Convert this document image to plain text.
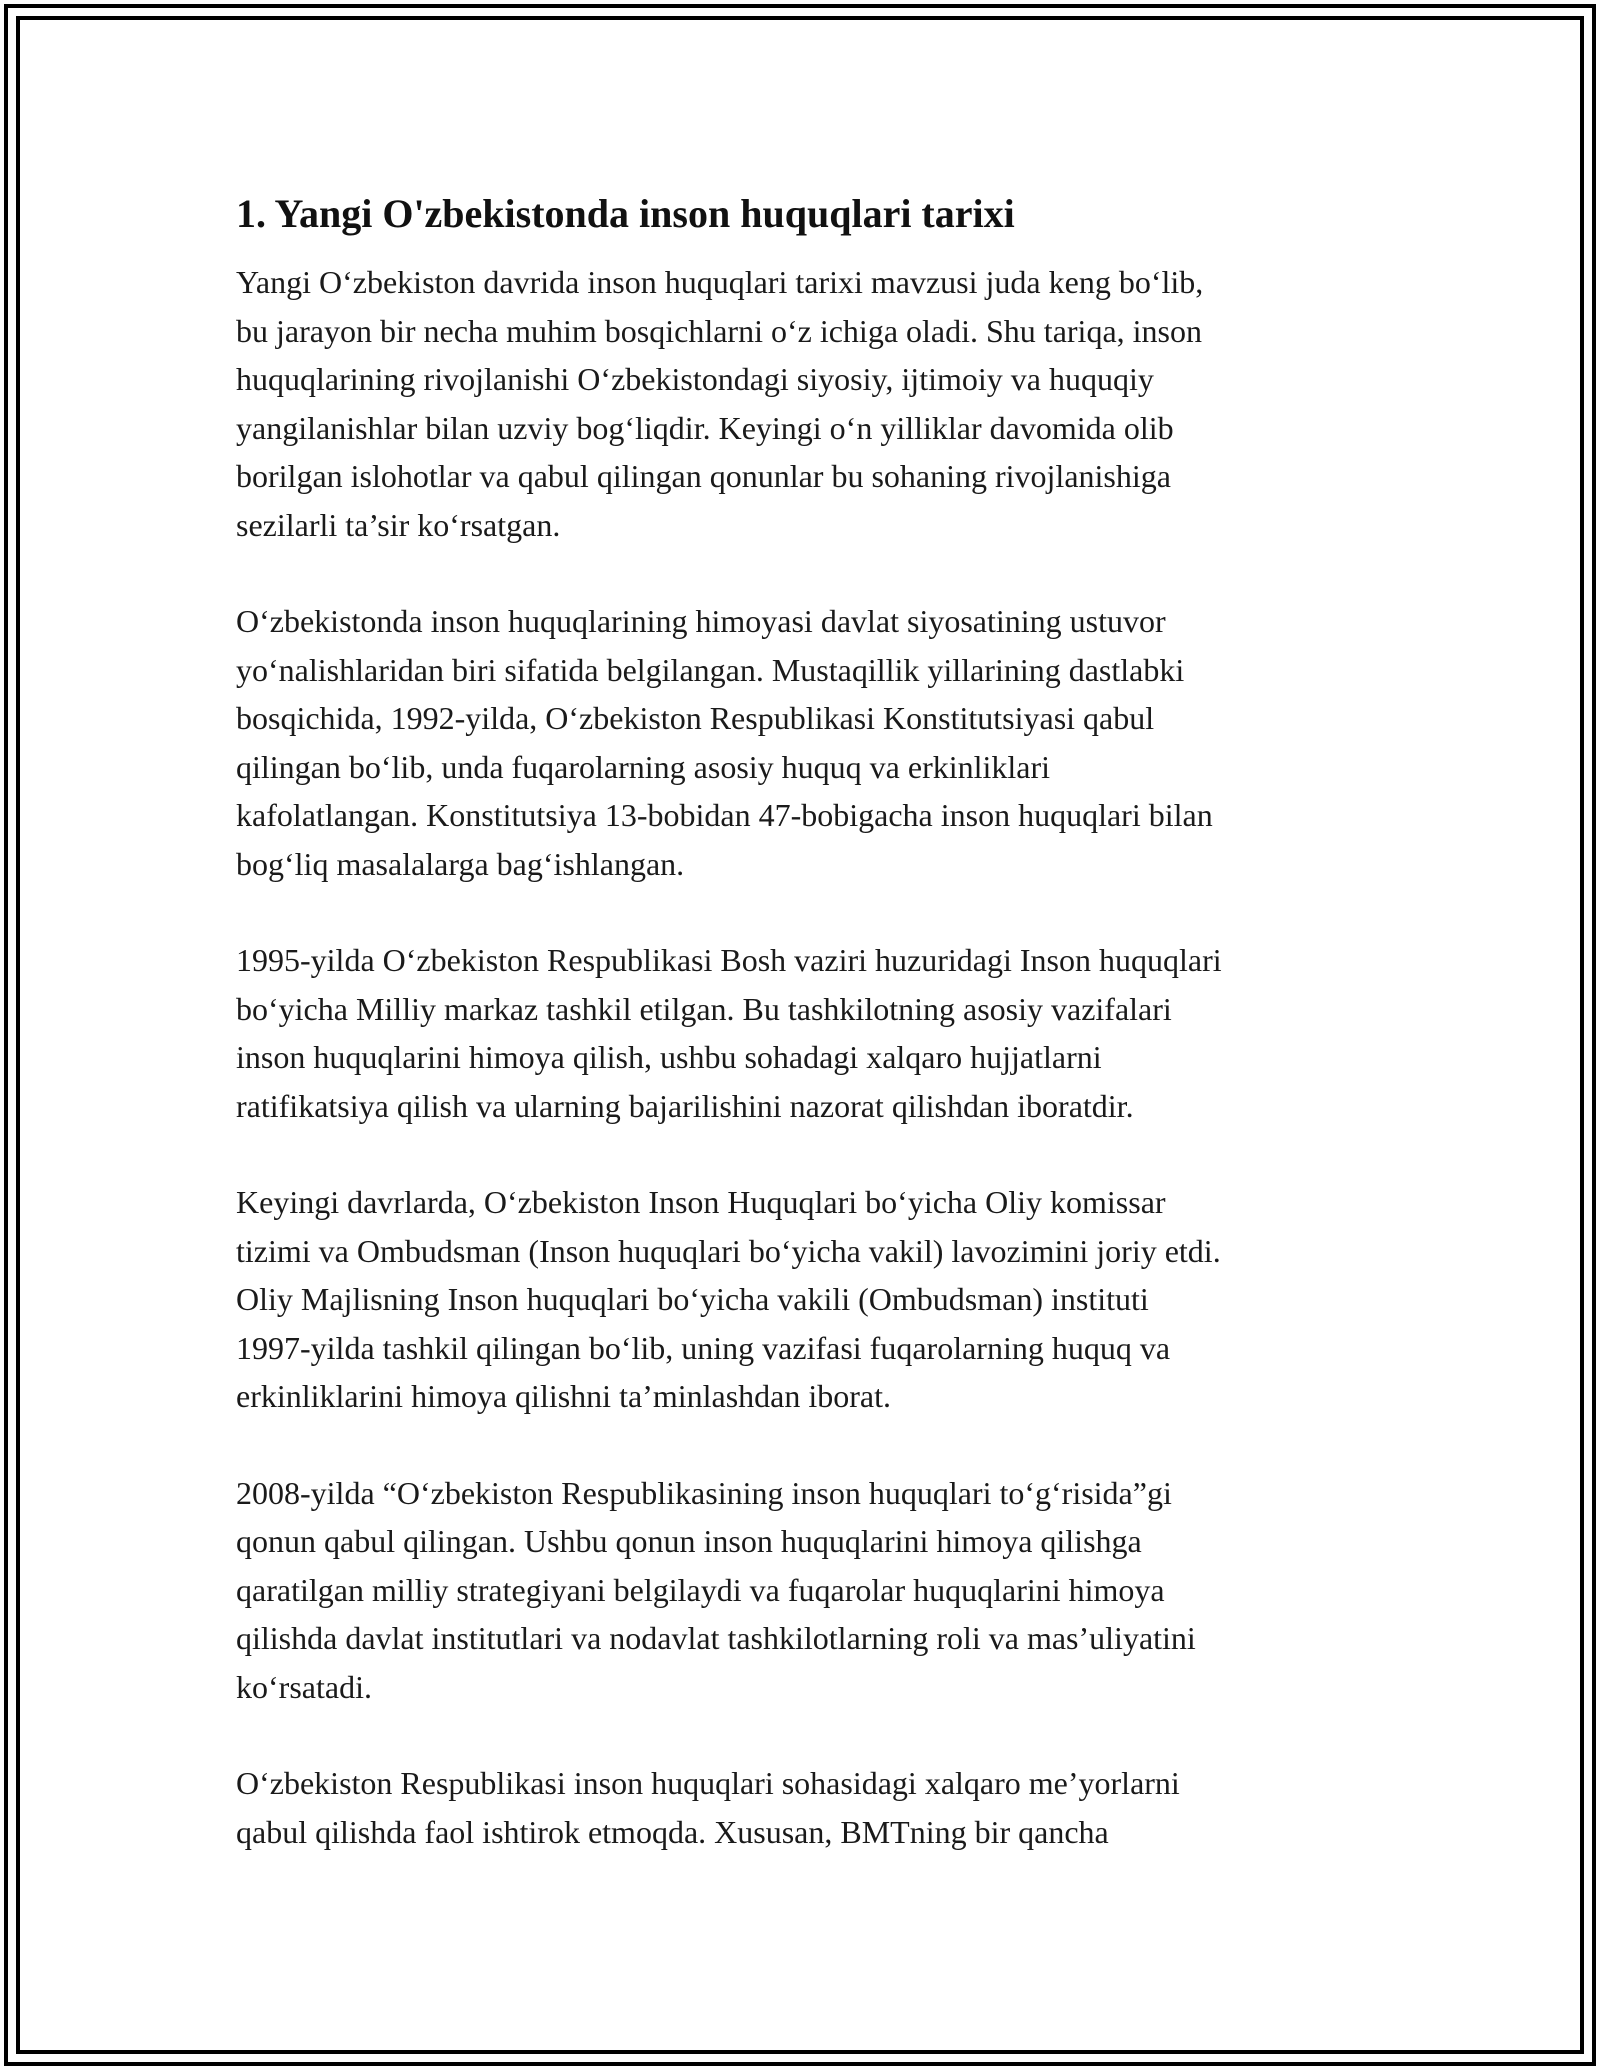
1. Yangi O'zbekistonda inson huquqlari tarixi

Yangi O‘zbekiston davrida inson huquqlari tarixi mavzusi juda keng bo‘lib,
bu jarayon bir necha muhim bosqichlarni o‘z ichiga oladi. Shu tariqa, inson
huquqlarining rivojlanishi O‘zbekistondagi siyosiy, ijtimoiy va huquqiy
yangilanishlar bilan uzviy bog‘liqdir. Keyingi o‘n yilliklar davomida olib
borilgan islohotlar va qabul qilingan qonunlar bu sohaning rivojlanishiga
sezilarli ta’sir ko‘rsatgan.

O‘zbekistonda inson huquqlarining himoyasi davlat siyosatining ustuvor
yo‘nalishlaridan biri sifatida belgilangan. Mustaqillik yillarining dastlabki
bosqichida, 1992-yilda, O‘zbekiston Respublikasi Konstitutsiyasi qabul
qilingan bo‘lib, unda fuqarolarning asosiy huquq va erkinliklari
kafolatlangan. Konstitutsiya 13-bobidan 47-bobigacha inson huquqlari bilan
bog‘liq masalalarga bag‘ishlangan.

1995-yilda O‘zbekiston Respublikasi Bosh vaziri huzuridagi Inson huquqlari
bo‘yicha Milliy markaz tashkil etilgan. Bu tashkilotning asosiy vazifalari
inson huquqlarini himoya qilish, ushbu sohadagi xalqaro hujjatlarni
ratifikatsiya qilish va ularning bajarilishini nazorat qilishdan iboratdir.

Keyingi davrlarda, O‘zbekiston Inson Huquqlari bo‘yicha Oliy komissar
tizimi va Ombudsman (Inson huquqlari bo‘yicha vakil) lavozimini joriy etdi.
Oliy Majlisning Inson huquqlari bo‘yicha vakili (Ombudsman) instituti
1997-yilda tashkil qilingan bo‘lib, uning vazifasi fuqarolarning huquq va
erkinliklarini himoya qilishni ta’minlashdan iborat.

2008-yilda “O‘zbekiston Respublikasining inson huquqlari to‘g‘risida”gi
qonun qabul qilingan. Ushbu qonun inson huquqlarini himoya qilishga
qaratilgan milliy strategiyani belgilaydi va fuqarolar huquqlarini himoya
qilishda davlat institutlari va nodavlat tashkilotlarning roli va mas’uliyatini
ko‘rsatadi.

O‘zbekiston Respublikasi inson huquqlari sohasidagi xalqaro me’yorlarni
qabul qilishda faol ishtirok etmoqda. Xususan, BMTning bir qancha
